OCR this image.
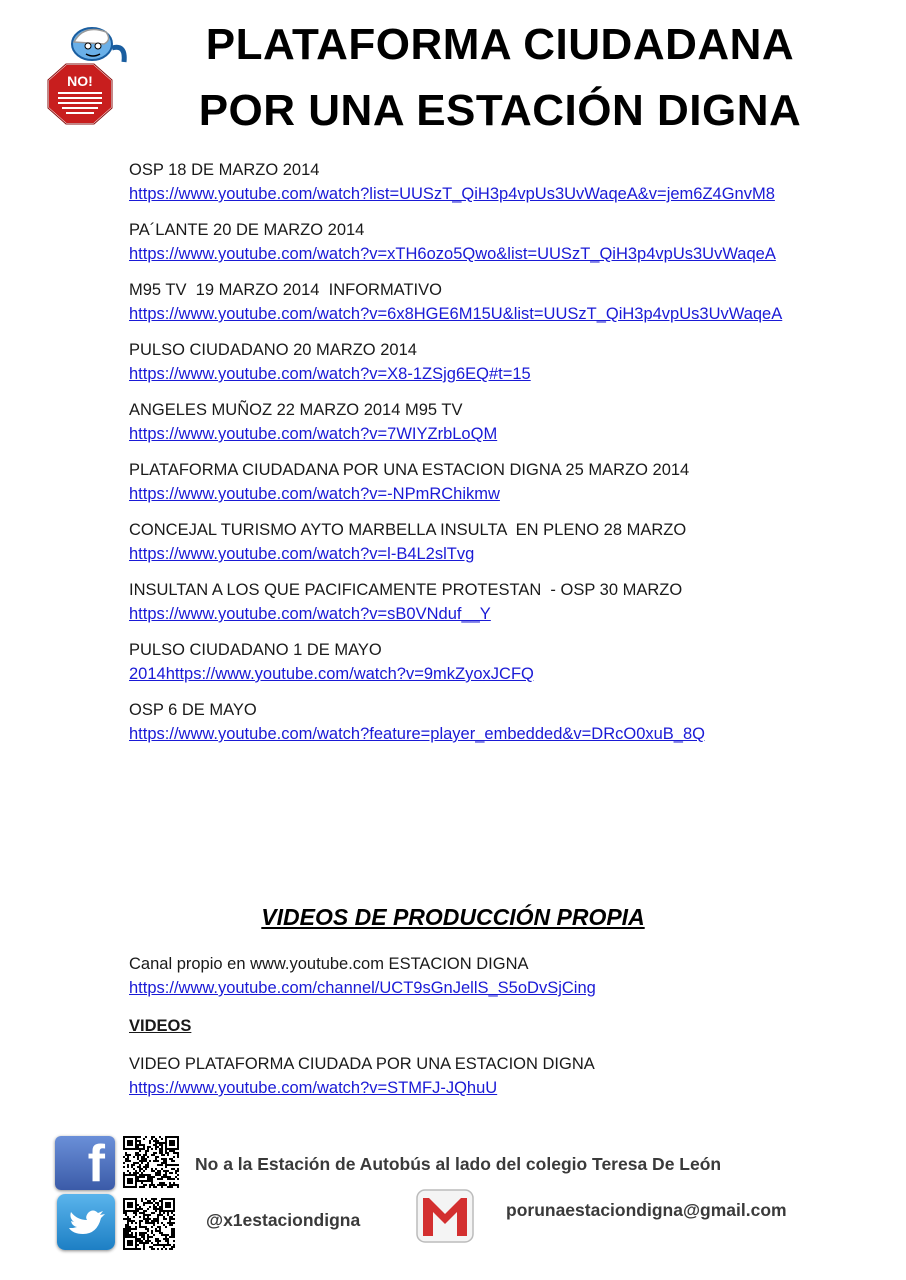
NO!
PLATAFORMA CIUDADANA
POR UNA ESTACIÓN DIGNA
OSP 18 DE MARZO 2014
https://www.youtube.com/watch?list=UUSzT_QiH3p4vpUs3UvWaqeA&v=jem6Z4GnvM8
PA´LANTE 20 DE MARZO 2014
https://www.youtube.com/watch?v=xTH6ozo5Qwo&list=UUSzT_QiH3p4vpUs3UvWaqeA
M95 TV  19 MARZO 2014  INFORMATIVO
https://www.youtube.com/watch?v=6x8HGE6M15U&list=UUSzT_QiH3p4vpUs3UvWaqeA
PULSO CIUDADANO 20 MARZO 2014
https://www.youtube.com/watch?v=X8-1ZSjg6EQ#t=15
ANGELES MUÑOZ 22 MARZO 2014 M95 TV
https://www.youtube.com/watch?v=7WIYZrbLoQM
PLATAFORMA CIUDADANA POR UNA ESTACION DIGNA 25 MARZO 2014
https://www.youtube.com/watch?v=-NPmRChikmw
CONCEJAL TURISMO AYTO MARBELLA INSULTA  EN PLENO 28 MARZO
https://www.youtube.com/watch?v=l-B4L2slTvg
INSULTAN A LOS QUE PACIFICAMENTE PROTESTAN  - OSP 30 MARZO
https://www.youtube.com/watch?v=sB0VNduf__Y
PULSO CIUDADANO 1 DE MAYO
2014https://www.youtube.com/watch?v=9mkZyoxJCFQ
OSP 6 DE MAYO
https://www.youtube.com/watch?feature=player_embedded&v=DRcO0xuB_8Q
VIDEOS DE PRODUCCIÓN PROPIA
Canal propio en www.youtube.com ESTACION DIGNA
https://www.youtube.com/channel/UCT9sGnJellS_S5oDvSjCing
VIDEOS
VIDEO PLATAFORMA CIUDADA POR UNA ESTACION DIGNA
https://www.youtube.com/watch?v=STMFJ-JQhuU
f	No a la Estación de Autobús al lado del colegio Teresa De León
@x1estaciondigna	porunaestaciondigna@gmail.com
